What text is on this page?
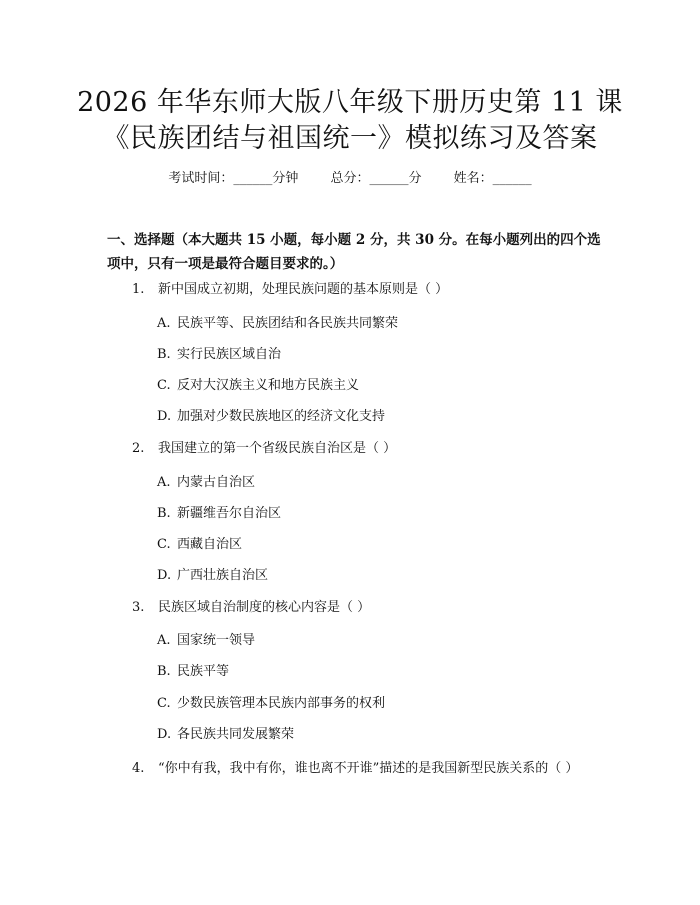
2026 年华东师大版八年级下册历史第 11 课
《民族团结与祖国统一》模拟练习及答案
考试时间：______分钟 总分：______分 姓名：______

一、选择题（本大题共 15 小题，每小题 2 分，共 30 分。在每小题列出的四个选项中，只有一项是最符合题目要求的。）

1. 新中国成立初期，处理民族问题的基本原则是（ ）

A. 民族平等、民族团结和各民族共同繁荣
B. 实行民族区域自治
C. 反对大汉族主义和地方民族主义
D. 加强对少数民族地区的经济文化支持

2. 我国建立的第一个省级民族自治区是（ ）

A. 内蒙古自治区
B. 新疆维吾尔自治区
C. 西藏自治区
D. 广西壮族自治区

3. 民族区域自治制度的核心内容是（ ）

A. 国家统一领导
B. 民族平等
C. 少数民族管理本民族内部事务的权利
D. 各民族共同发展繁荣

4. “你中有我，我中有你，谁也离不开谁”描述的是我国新型民族关系的（ ）
